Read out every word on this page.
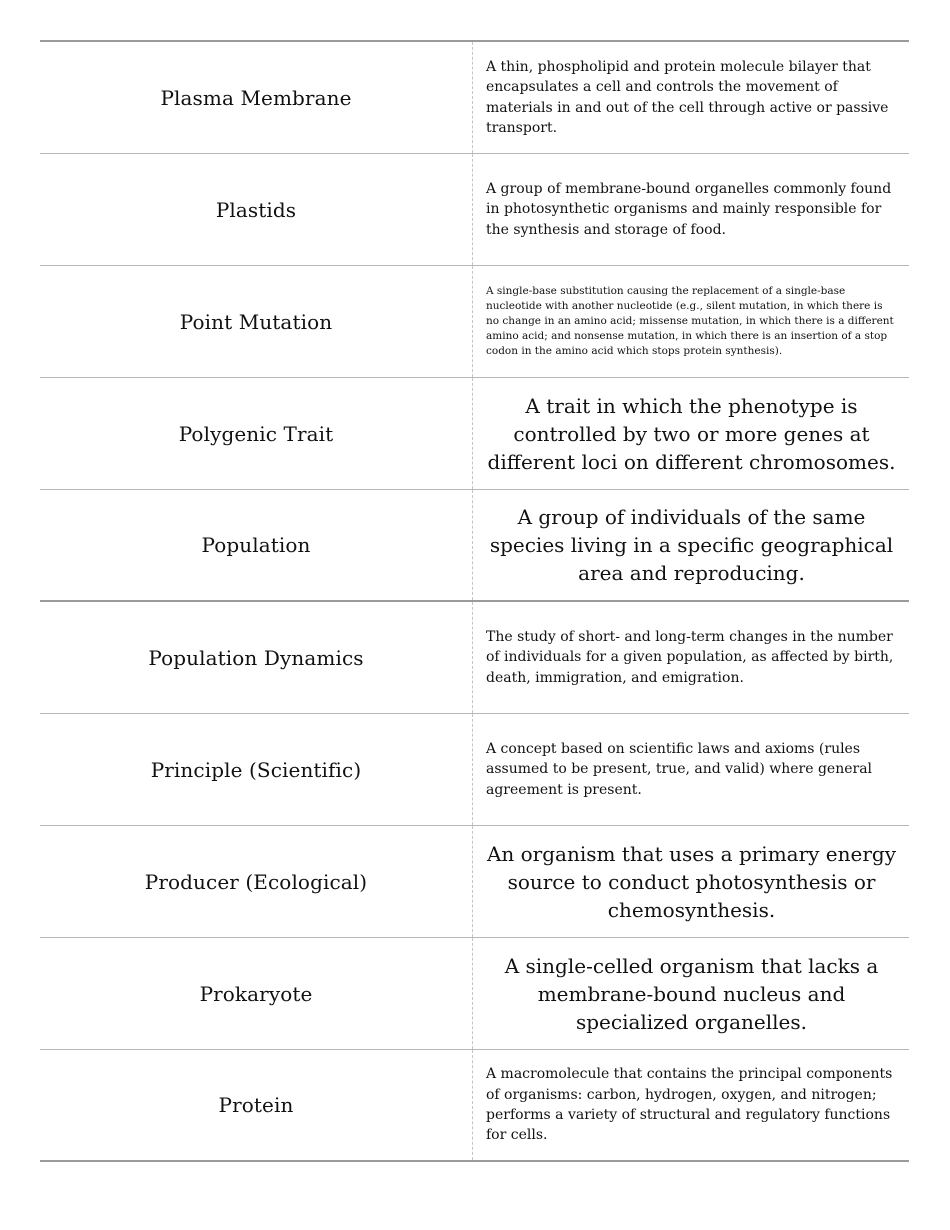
Plasma Membrane
A thin, phospholipid and protein molecule bilayer that encapsulates a cell and controls the movement of materials in and out of the cell through active or passive transport.
Plastids
A group of membrane-bound organelles commonly found in photosynthetic organisms and mainly responsible for the synthesis and storage of food.
Point Mutation
A single-base substitution causing the replacement of a single-base nucleotide with another nucleotide (e.g., silent mutation, in which there is no change in an amino acid; missense mutation, in which there is a different amino acid; and nonsense mutation, in which there is an insertion of a stop codon in the amino acid which stops protein synthesis).
Polygenic Trait
A trait in which the phenotype is controlled by two or more genes at different loci on different chromosomes.
Population
A group of individuals of the same species living in a specific geographical area and reproducing.
Population Dynamics
The study of short- and long-term changes in the number of individuals for a given population, as affected by birth, death, immigration, and emigration.
Principle (Scientific)
A concept based on scientific laws and axioms (rules assumed to be present, true, and valid) where general agreement is present.
Producer (Ecological)
An organism that uses a primary energy source to conduct photosynthesis or chemosynthesis.
Prokaryote
A single-celled organism that lacks a membrane-bound nucleus and specialized organelles.
Protein
A macromolecule that contains the principal components of organisms: carbon, hydrogen, oxygen, and nitrogen; performs a variety of structural and regulatory functions for cells.
